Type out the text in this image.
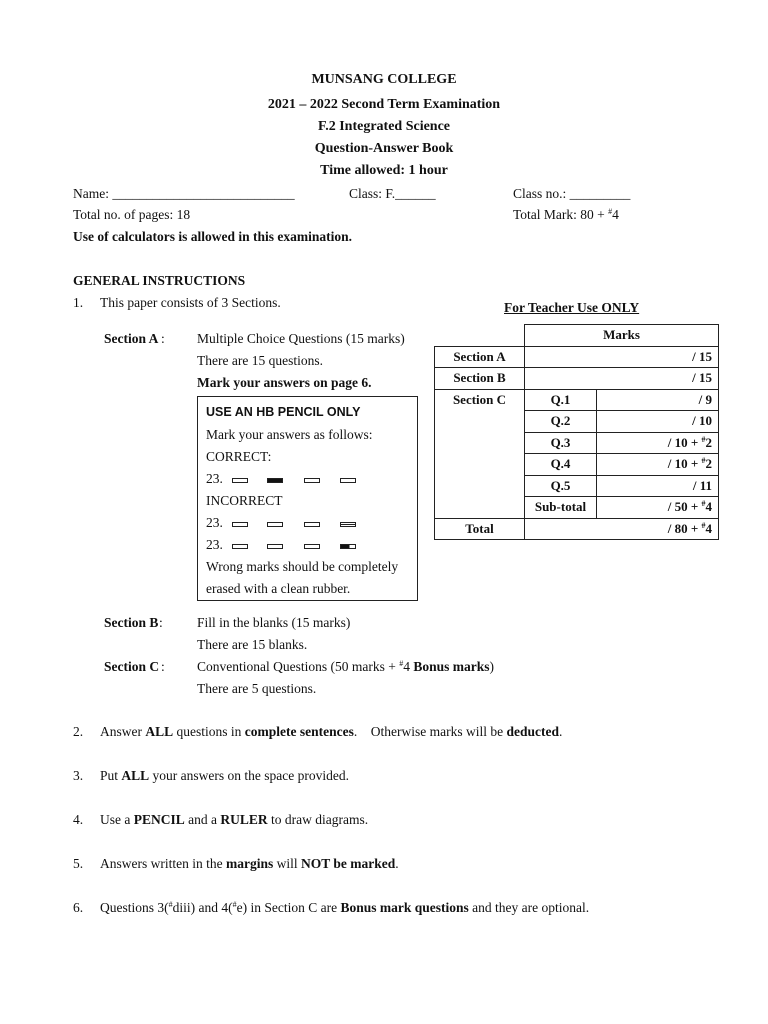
MUNSANG COLLEGE
2021 – 2022 Second Term Examination
F.2 Integrated Science
Question-Answer Book
Time allowed: 1 hour
Name: ___________________________	Class: F.______	Class no.: _________
Total no. of pages: 18	Total Mark: 80 + #4
Use of calculators is allowed in this examination.
GENERAL INSTRUCTIONS
1. This paper consists of 3 Sections.
Section A : Multiple Choice Questions (15 marks)
There are 15 questions.
Mark your answers on page 6.
USE AN HB PENCIL ONLY
Mark your answers as follows:
CORRECT:
23.
INCORRECT
23.
23.
Wrong marks should be completely
erased with a clean rubber.
For Teacher Use ONLY
	Marks	
Section A	/ 15	
Section B	/ 15	
Section C	Q.1	/ 9
	Q.2	/ 10
	Q.3	/ 10 + #2
	Q.4	/ 10 + #2
	Q.5	/ 11
	Sub-total	/ 50 + #4
Total	/ 80 + #4	
Section B :	Fill in the blanks (15 marks)
There are 15 blanks.
Section C : Conventional Questions (50 marks + #4 Bonus marks)
There are 5 questions.
2. Answer ALL questions in complete sentences.    Otherwise marks will be deducted.
3. Put ALL your answers on the space provided.
4. Use a PENCIL and a RULER to draw diagrams.
5. Answers written in the margins will NOT be marked.
6. Questions 3(#diii) and 4(#e) in Section C are Bonus mark questions and they are optional.
